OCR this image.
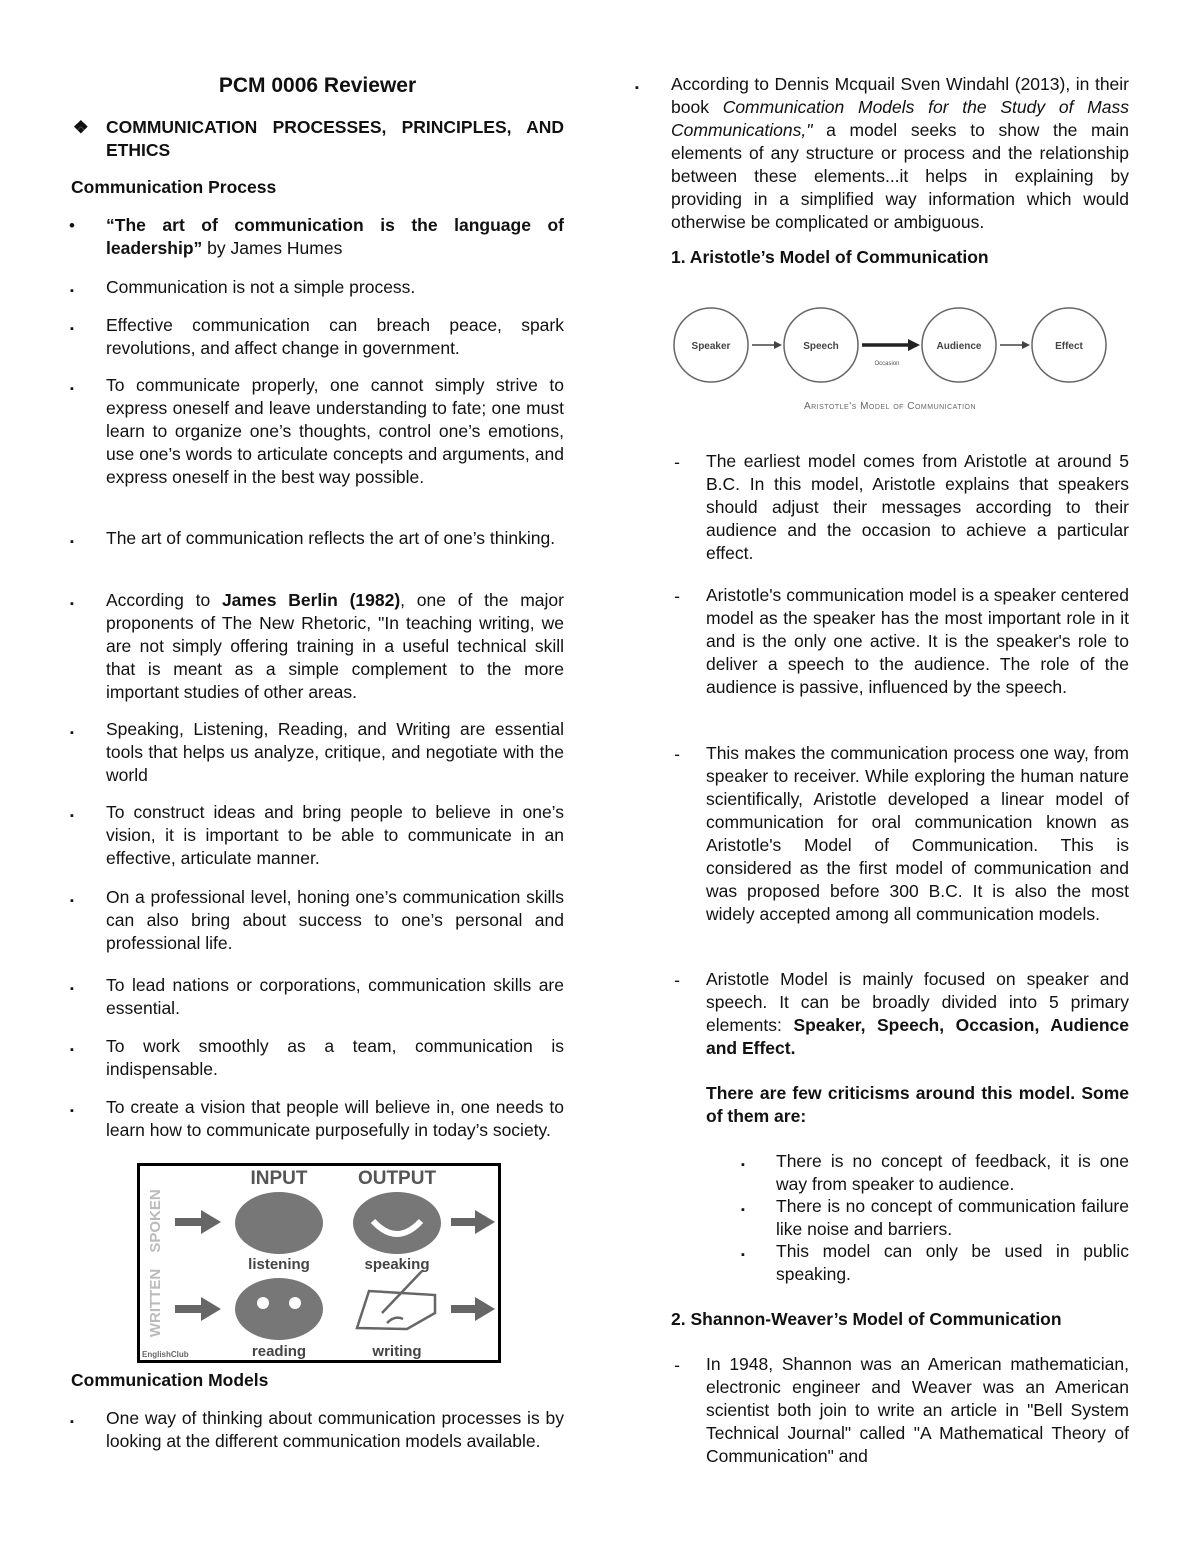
PCM 0006 Reviewer
❖ COMMUNICATION PROCESSES, PRINCIPLES, AND ETHICS
Communication Process
•
“The art of communication is the language of leadership” by James Humes
▪
Communication is not a simple process.
▪
Effective communication can breach peace, spark revolutions, and affect change in government.
▪
To communicate properly, one cannot simply strive to express oneself and leave understanding to fate; one must learn to organize one’s thoughts, control one’s emotions, use one’s words to articulate concepts and arguments, and express oneself in the best way possible.
▪
The art of communication reflects the art of one’s thinking.
▪
According to James Berlin (1982), one of the major proponents of The New Rhetoric, "In teaching writing, we are not simply offering training in a useful technical skill that is meant as a simple complement to the more important studies of other areas.
▪
Speaking, Listening, Reading, and Writing are essential tools that helps us analyze, critique, and negotiate with the world
▪
To construct ideas and bring people to believe in one’s vision, it is important to be able to communicate in an effective, articulate manner.
▪
On a professional level, honing one’s communication skills can also bring about success to one’s personal and professional life.
▪
To lead nations or corporations, communication skills are essential.
▪
To work smoothly as a team, communication is indispensable.
▪
To create a vision that people will believe in, one needs to learn how to communicate purposefully in today’s society.
INPUT	OUTPUT
SPOKEN
WRITTEN
listening	speaking
reading	writing
EnglishClub
Communication Models
▪
One way of thinking about communication processes is by looking at the different communication models available.
▪
According to Dennis Mcquail Sven Windahl (2013), in their book Communication Models for the Study of Mass Communications," a model seeks to show the main elements of any structure or process and the relationship between these elements...it helps in explaining by providing in a simplified way information which would otherwise be complicated or ambiguous.
1. Aristotle’s Model of Communication
Speaker	Speech	Audience	Effect
Occasion
Aristotle's Model of Communication
-
The earliest model comes from Aristotle at around 5 B.C. In this model, Aristotle explains that speakers should adjust their messages according to their audience and the occasion to achieve a particular effect.
-
Aristotle's communication model is a speaker centered model as the speaker has the most important role in it and is the only one active. It is the speaker's role to deliver a speech to the audience. The role of the audience is passive, influenced by the speech.
-
This makes the communication process one way, from speaker to receiver. While exploring the human nature scientifically, Aristotle developed a linear model of communication for oral communication known as Aristotle's Model of Communication. This is considered as the first model of communication and was proposed before 300 B.C. It is also the most widely accepted among all communication models.
-
Aristotle Model is mainly focused on speaker and speech. It can be broadly divided into 5 primary elements: Speaker, Speech, Occasion, Audience and Effect.
There are few criticisms around this model. Some of them are:
▪
There is no concept of feedback, it is one way from speaker to audience.
▪
There is no concept of communication failure like noise and barriers.
▪
This model can only be used in public speaking.
2. Shannon-Weaver’s Model of Communication
-
In 1948, Shannon was an American mathematician, electronic engineer and Weaver was an American scientist both join to write an article in "Bell System Technical Journal" called "A Mathematical Theory of Communication" and
